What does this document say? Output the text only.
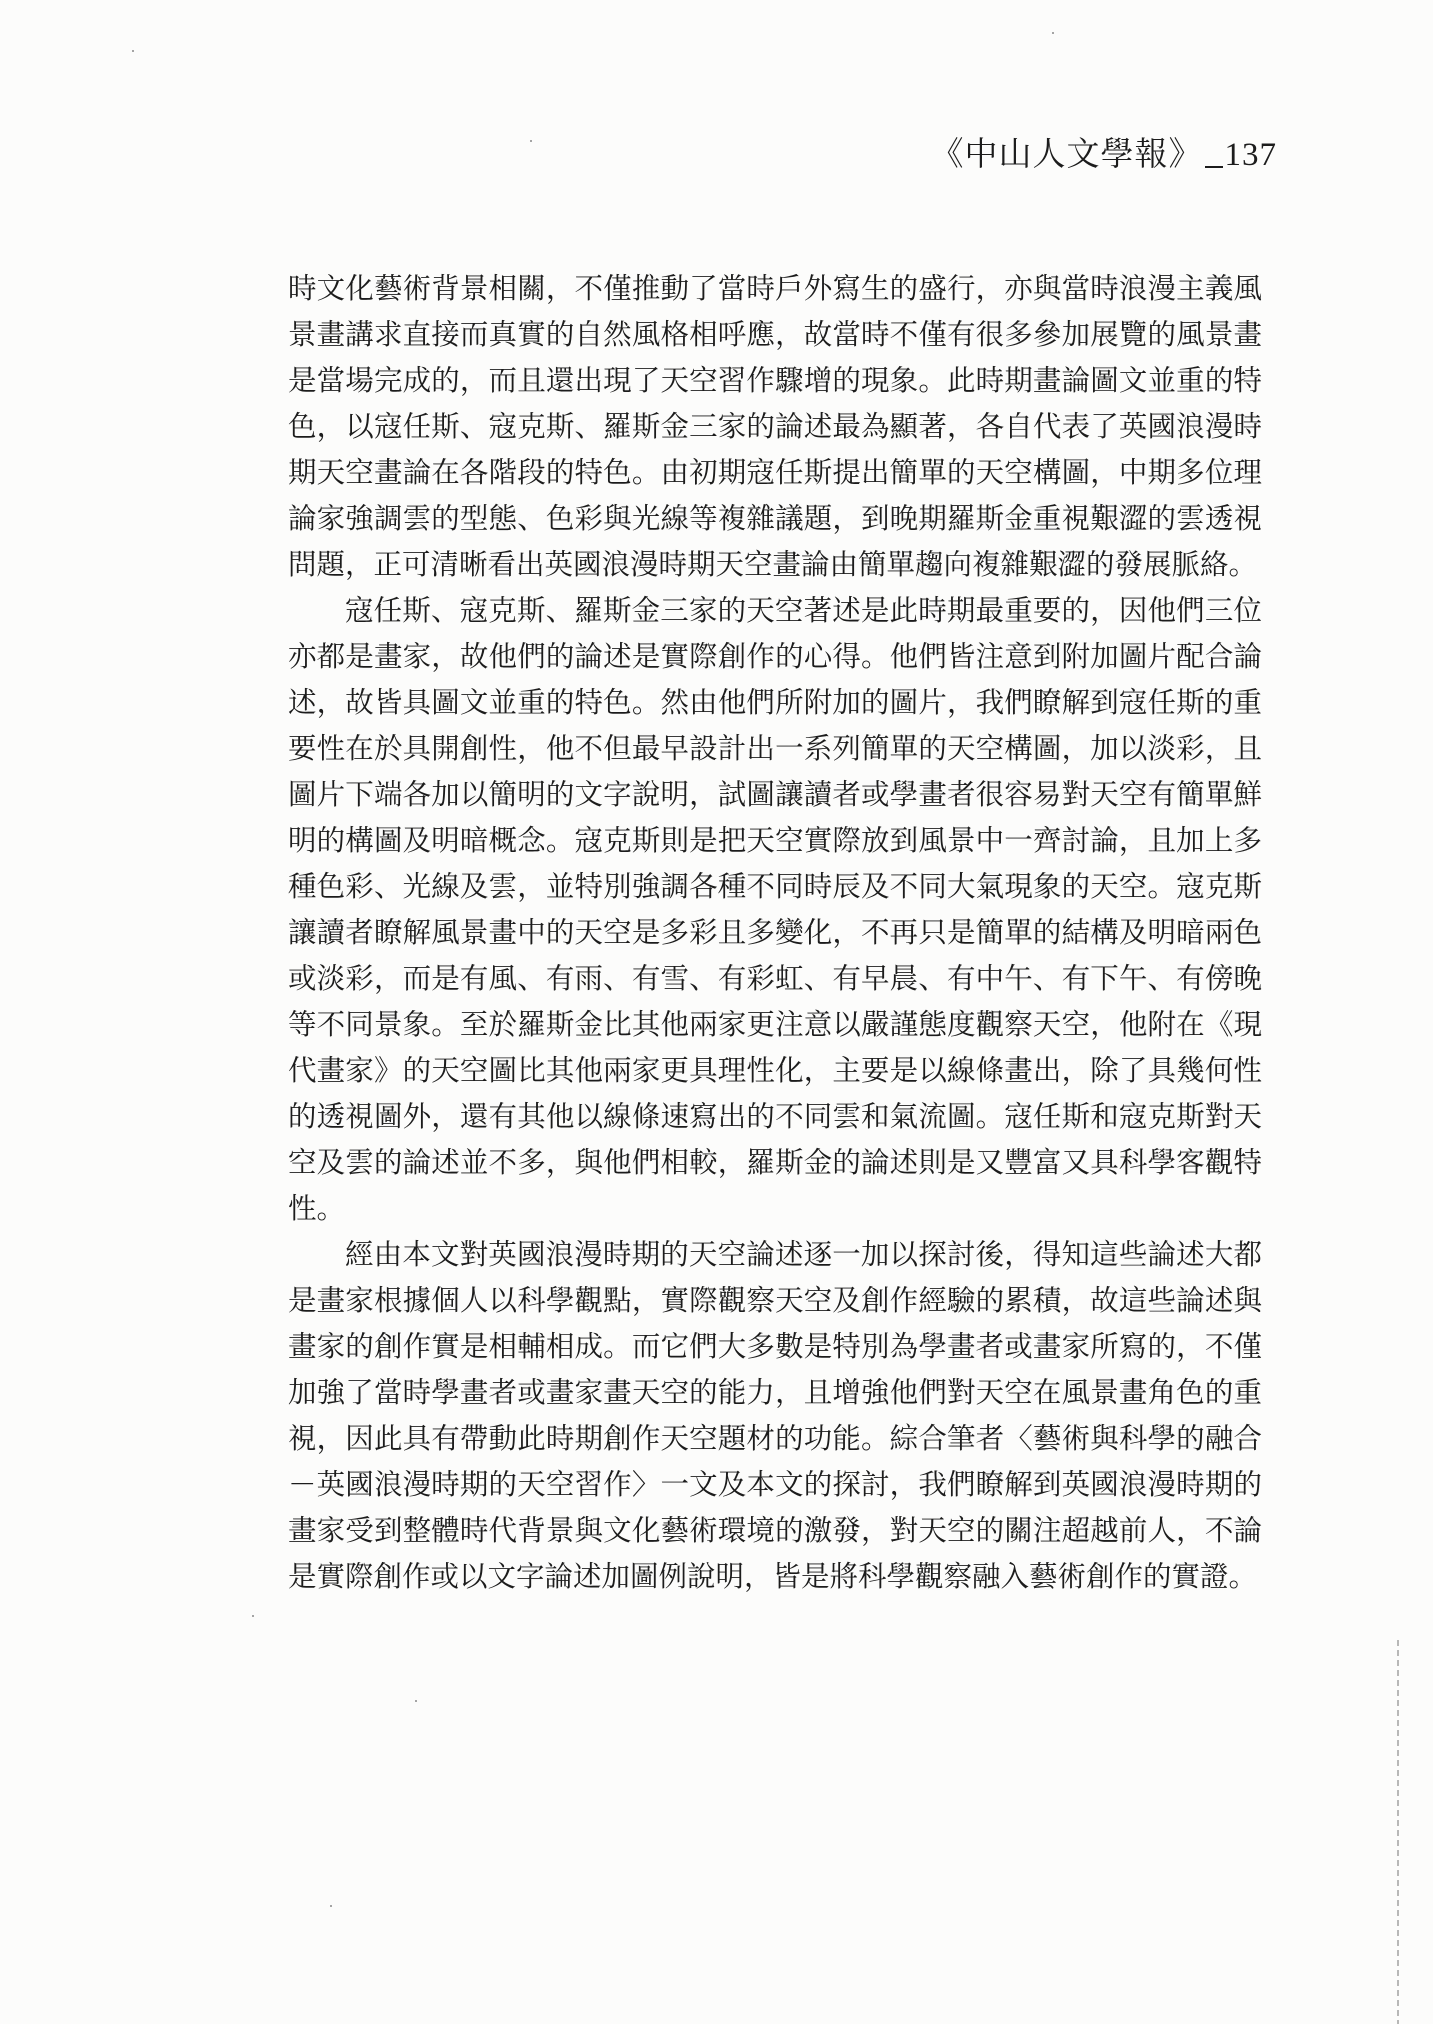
《中山人文學報》 137

時文化藝術背景相關，不僅推動了當時戶外寫生的盛行，亦與當時浪漫主義風景畫講求直接而真實的自然風格相呼應，故當時不僅有很多參加展覽的風景畫是當場完成的，而且還出現了天空習作驟增的現象。此時期畫論圖文並重的特色，以寇任斯、寇克斯、羅斯金三家的論述最為顯著，各自代表了英國浪漫時期天空畫論在各階段的特色。由初期寇任斯提出簡單的天空構圖，中期多位理論家強調雲的型態、色彩與光線等複雜議題，到晚期羅斯金重視艱澀的雲透視問題，正可清晰看出英國浪漫時期天空畫論由簡單趨向複雜艱澀的發展脈絡。

寇任斯、寇克斯、羅斯金三家的天空著述是此時期最重要的，因他們三位亦都是畫家，故他們的論述是實際創作的心得。他們皆注意到附加圖片配合論述，故皆具圖文並重的特色。然由他們所附加的圖片，我們瞭解到寇任斯的重要性在於具開創性，他不但最早設計出一系列簡單的天空構圖，加以淡彩，且圖片下端各加以簡明的文字說明，試圖讓讀者或學畫者很容易對天空有簡單鮮明的構圖及明暗概念。寇克斯則是把天空實際放到風景中一齊討論，且加上多種色彩、光線及雲，並特別強調各種不同時辰及不同大氣現象的天空。寇克斯讓讀者瞭解風景畫中的天空是多彩且多變化，不再只是簡單的結構及明暗兩色或淡彩，而是有風、有雨、有雪、有彩虹、有早晨、有中午、有下午、有傍晚等不同景象。至於羅斯金比其他兩家更注意以嚴謹態度觀察天空，他附在《現代畫家》的天空圖比其他兩家更具理性化，主要是以線條畫出，除了具幾何性的透視圖外，還有其他以線條速寫出的不同雲和氣流圖。寇任斯和寇克斯對天空及雲的論述並不多，與他們相較，羅斯金的論述則是又豐富又具科學客觀特性。

經由本文對英國浪漫時期的天空論述逐一加以探討後，得知這些論述大都是畫家根據個人以科學觀點，實際觀察天空及創作經驗的累積，故這些論述與畫家的創作實是相輔相成。而它們大多數是特別為學畫者或畫家所寫的，不僅加強了當時學畫者或畫家畫天空的能力，且增強他們對天空在風景畫角色的重視，因此具有帶動此時期創作天空題材的功能。綜合筆者〈藝術與科學的融合－英國浪漫時期的天空習作〉一文及本文的探討，我們瞭解到英國浪漫時期的畫家受到整體時代背景與文化藝術環境的激發，對天空的關注超越前人，不論是實際創作或以文字論述加圖例說明，皆是將科學觀察融入藝術創作的實證。
